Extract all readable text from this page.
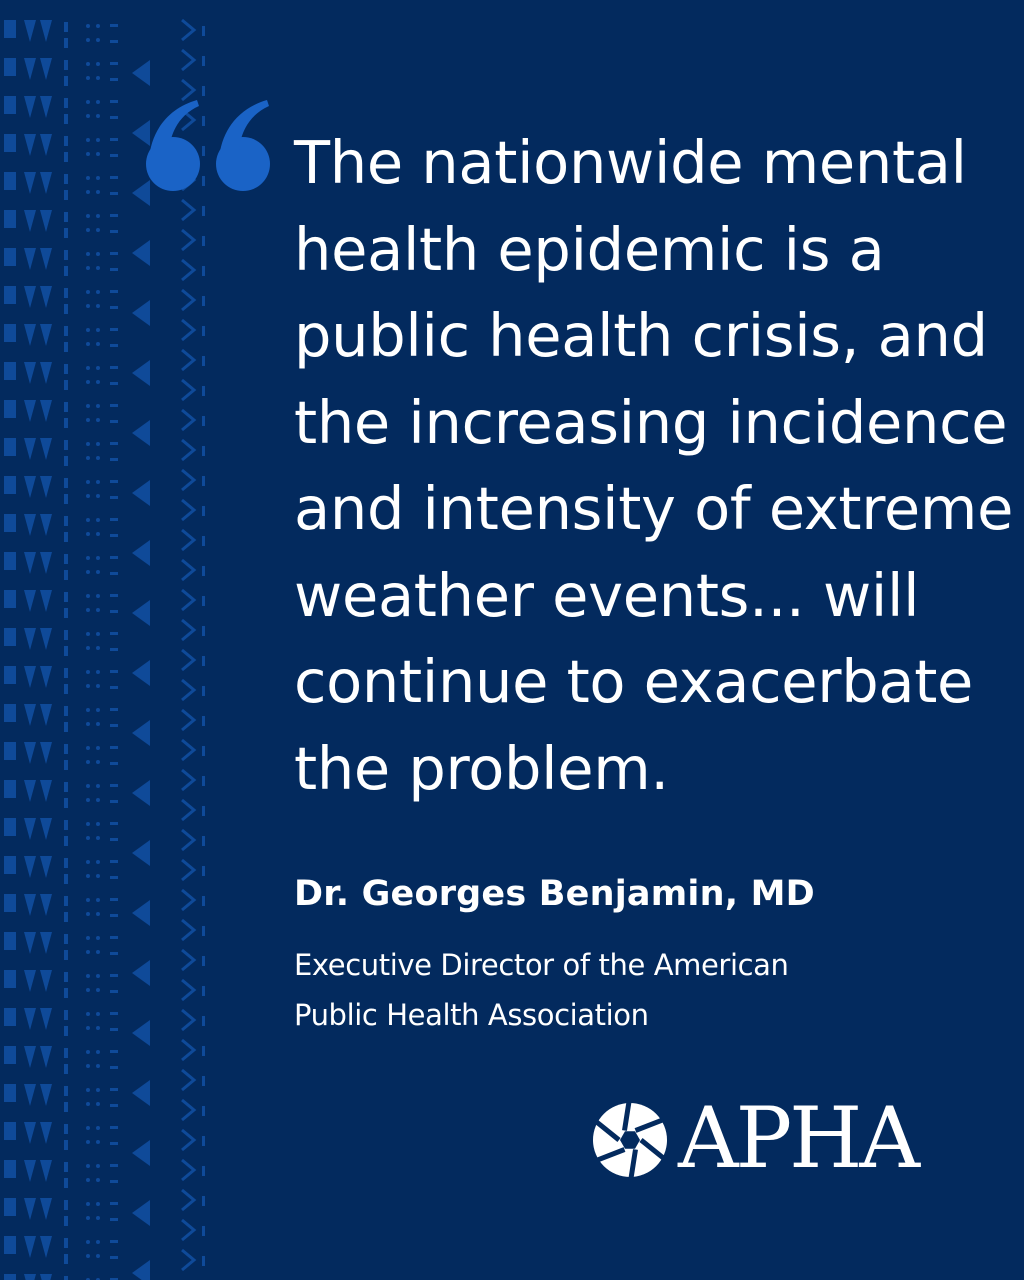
The nationwide mental
health epidemic is a
public health crisis, and
the increasing incidence
and intensity of extreme
weather events... will
continue to exacerbate
the problem.

Dr. Georges Benjamin, MD

Executive Director of the American
Public Health Association

APHA
